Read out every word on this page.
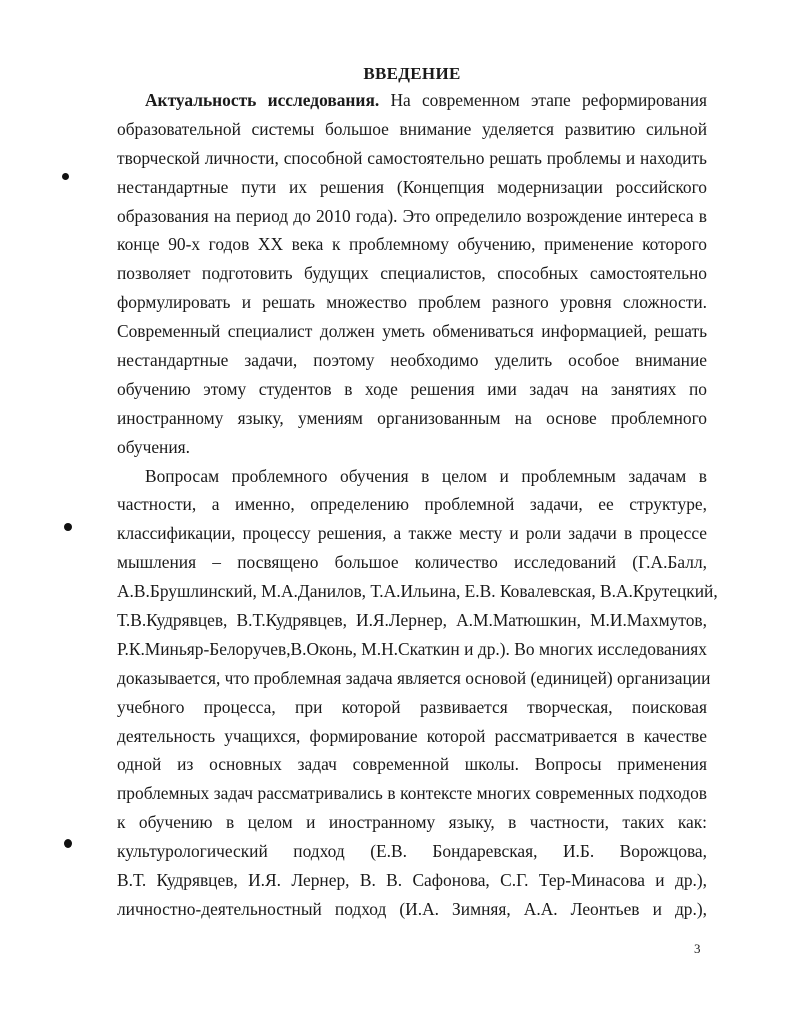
ВВЕДЕНИЕ
Актуальность исследования. На современном этапе реформирования
образовательной системы большое внимание уделяется развитию сильной
творческой личности, способной самостоятельно решать проблемы и находить
нестандартные пути их решения (Концепция модернизации российского
образования на период до 2010 года). Это определило возрождение интереса в
конце 90-х годов XX века к проблемному обучению, применение которого
позволяет подготовить будущих специалистов, способных самостоятельно
формулировать и решать множество проблем разного уровня сложности.
Современный специалист должен уметь обмениваться информацией, решать
нестандартные задачи, поэтому необходимо уделить особое внимание
обучению этому студентов в ходе решения ими задач на занятиях по
иностранному языку, умениям организованным на основе проблемного
обучения.
Вопросам проблемного обучения в целом и проблемным задачам в
частности, а именно, определению проблемной задачи, ее структуре,
классификации, процессу решения, а также месту и роли задачи в процессе
мышления – посвящено большое количество исследований (Г.А.Балл,
А.В.Брушлинский, М.А.Данилов, Т.А.Ильина, Е.В. Ковалевская, В.А.Крутецкий,
Т.В.Кудрявцев, В.Т.Кудрявцев, И.Я.Лернер, А.М.Матюшкин, М.И.Махмутов,
Р.К.Миньяр-Белоручев,В.Оконь, М.Н.Скаткин и др.). Во многих исследованиях
доказывается, что проблемная задача является основой (единицей) организации
учебного процесса, при которой развивается творческая, поисковая
деятельность учащихся, формирование которой рассматривается в качестве
одной из основных задач современной школы. Вопросы применения
проблемных задач рассматривались в контексте многих современных подходов
к обучению в целом и иностранному языку, в частности, таких как:
культурологический подход (Е.В. Бондаревская, И.Б. Ворожцова,
В.Т. Кудрявцев, И.Я. Лернер, В. В. Сафонова, С.Г. Тер-Минасова и др.),
личностно-деятельностный подход (И.А. Зимняя, А.А. Леонтьев и др.),
3
